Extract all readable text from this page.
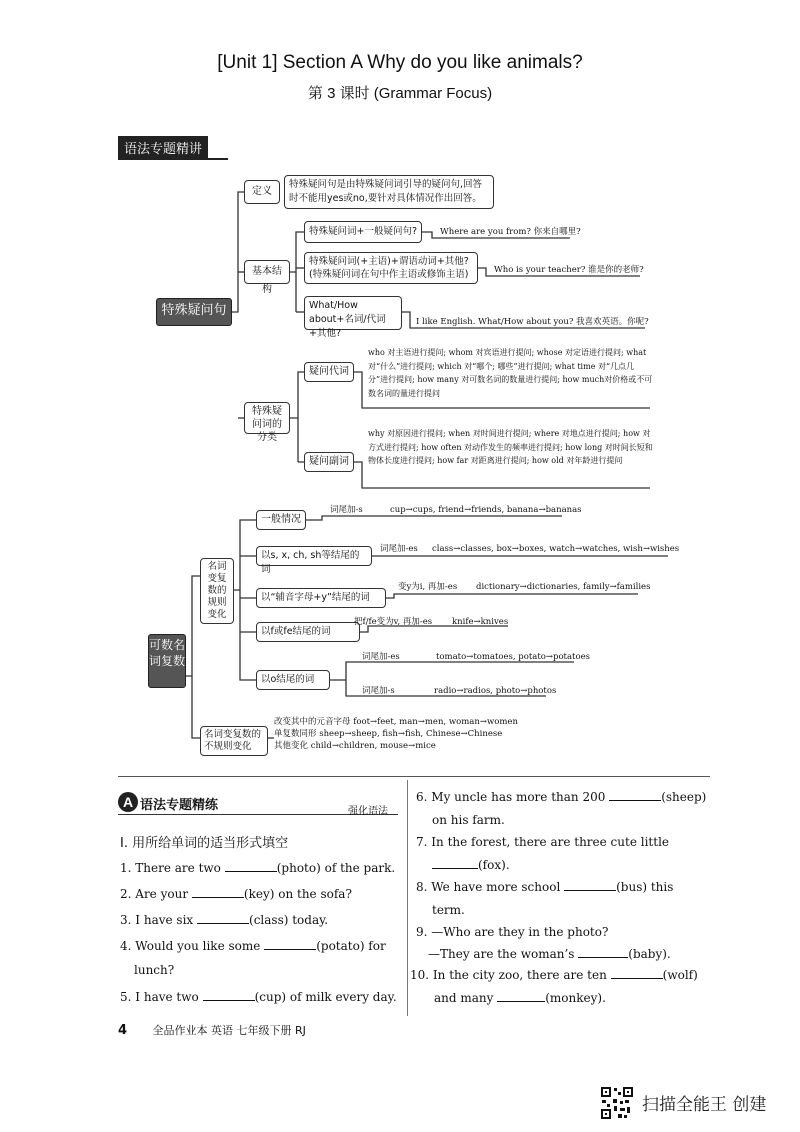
[Unit 1] Section A Why do you like animals?
第 3 课时 (Grammar Focus)
语法专题精讲
特殊疑问句
定义
特殊疑问句是由特殊疑问词引导的疑问句,回答时不能用yes或no,要针对具体情况作出回答。
基本结构
特殊疑问词+一般疑问句?	Where are you from? 你来自哪里?
特殊疑问词(+主语)+谓语动词+其他?(特殊疑问词在句中作主语或修饰主语)	Who is your teacher? 谁是你的老师?
What/How about+名词/代词+其他?
I like English. What/How about you? 我喜欢英语。你呢?
特殊疑问词的分类
疑问代词
who 对主语进行提问; whom 对宾语进行提问; whose 对定语进行提问; what 对“什么”进行提问; which 对“哪个; 哪些”进行提问; what time 对“几点几分”进行提问; how many 对可数名词的数量进行提问; how much对价格或不可数名词的量进行提问
疑问副词
why 对原因进行提问; when 对时间进行提问; where 对地点进行提问; how 对方式进行提问; how often 对动作发生的频率进行提问; how long 对时间长短和物体长度进行提问; how far 对距离进行提问; how old 对年龄进行提问
可数名词复数
名词变复数的规则变化
一般情况
词尾加-s	cup→cups, friend→friends, banana→bananas
以s, x, ch, sh等结尾的词
词尾加-es class→classes, box→boxes, watch→watches, wish→wishes
以“辅音字母+y”结尾的词
变y为i, 再加-es dictionary→dictionaries, family→families
以f或fe结尾的词
把f/fe变为v, 再加-es knife→knives
以o结尾的词
词尾加-es	tomato→tomatoes, potato→potatoes
词尾加-s	radio→radios, photo→photos
名词变复数的不规则变化
改变其中的元音字母 foot→feet, man→men, woman→women
单复数同形 sheep→sheep, fish→fish, Chinese→Chinese
其他变化 child→children, mouse→mice
A 语法专题精练	强化语法
Ⅰ. 用所给单词的适当形式填空
1. There are two	(photo) of the park.
2. Are your	(key) on the sofa?
3. I have six	(class) today.
4. Would you like some	(potato) for
lunch?
5. I have two	(cup) of milk every day.
6. My uncle has more than 200	(sheep)
on his farm.
7. In the forest, there are three cute little
(fox).
8. We have more school	(bus) this
term.
9. —Who are they in the photo?
—They are the woman’s	(baby).
10. In the city zoo, there are ten	(wolf)
and many	(monkey).
4 全品作业本 英语 七年级下册 RJ
扫描全能王 创建
